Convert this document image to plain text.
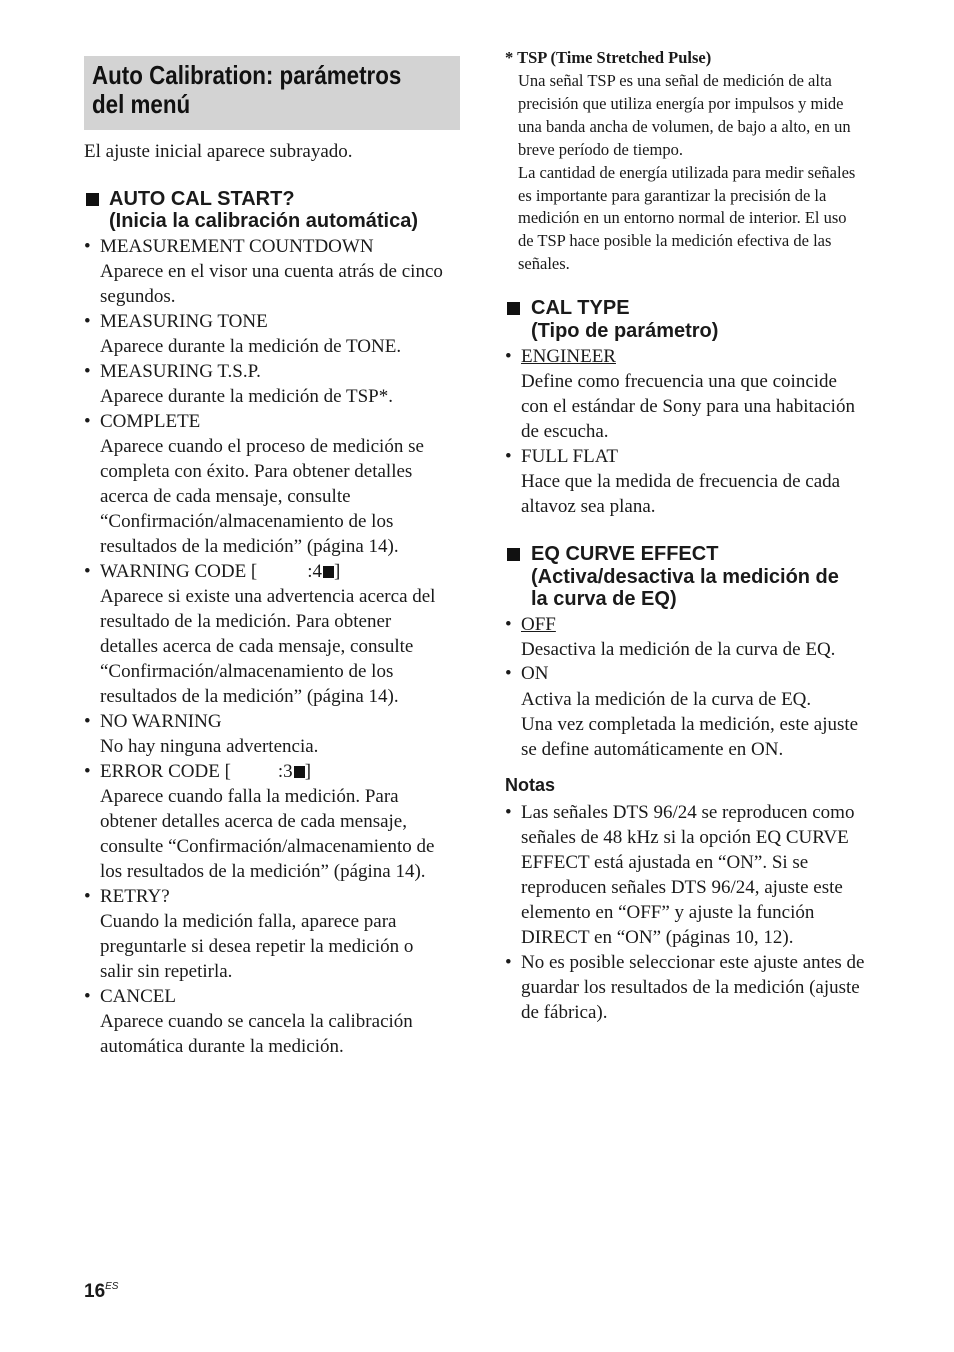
Auto Calibration: parámetros
del menú

El ajuste inicial aparece subrayado.

AUTO CAL START?
(Inicia la calibración automática)
• MEASUREMENT COUNTDOWN

Aparece en el visor una cuenta atrás de cinco

segundos.

• MEASURING TONE

Aparece durante la medición de TONE.

• MEASURING T.S.P.

Aparece durante la medición de TSP*.

• COMPLETE

Aparece cuando el proceso de medición se

completa con éxito. Para obtener detalles

acerca de cada mensaje, consulte

“Confirmación/almacenamiento de los

resultados de la medición” (página 14).

• WARNING CODE [	:4 ]

Aparece si existe una advertencia acerca del

resultado de la medición. Para obtener

detalles acerca de cada mensaje, consulte

“Confirmación/almacenamiento de los

resultados de la medición” (página 14).

• NO WARNING

No hay ninguna advertencia.

• ERROR CODE [ :3 ]

Aparece cuando falla la medición. Para

obtener detalles acerca de cada mensaje,

consulte “Confirmación/almacenamiento de

los resultados de la medición” (página 14).

• RETRY?

Cuando la medición falla, aparece para

preguntarle si desea repetir la medición o

salir sin repetirla.

• CANCEL

Aparece cuando se cancela la calibración

automática durante la medición.

* TSP (Time Stretched Pulse)

Una señal TSP es una señal de medición de alta

precisión que utiliza energía por impulsos y mide

una banda ancha de volumen, de bajo a alto, en un

breve período de tiempo.

La cantidad de energía utilizada para medir señales

es importante para garantizar la precisión de la

medición en un entorno normal de interior. El uso

de TSP hace posible la medición efectiva de las

señales.

CAL TYPE
(Tipo de parámetro)
• ENGINEER

Define como frecuencia una que coincide

con el estándar de Sony para una habitación

de escucha.

• FULL FLAT

Hace que la medida de frecuencia de cada

altavoz sea plana.

EQ CURVE EFFECT
(Activa/desactiva la medición de
la curva de EQ)
• OFF

Desactiva la medición de la curva de EQ.

• ON

Activa la medición de la curva de EQ.

Una vez completada la medición, este ajuste

se define automáticamente en ON.

Notas
• Las señales DTS 96/24 se reproducen como

señales de 48 kHz si la opción EQ CURVE

EFFECT está ajustada en “ON”. Si se

reproducen señales DTS 96/24, ajuste este

elemento en “OFF” y ajuste la función

DIRECT en “ON” (páginas 10, 12).

• No es posible seleccionar este ajuste antes de

guardar los resultados de la medición (ajuste

de fábrica).

$16^{ES}$
